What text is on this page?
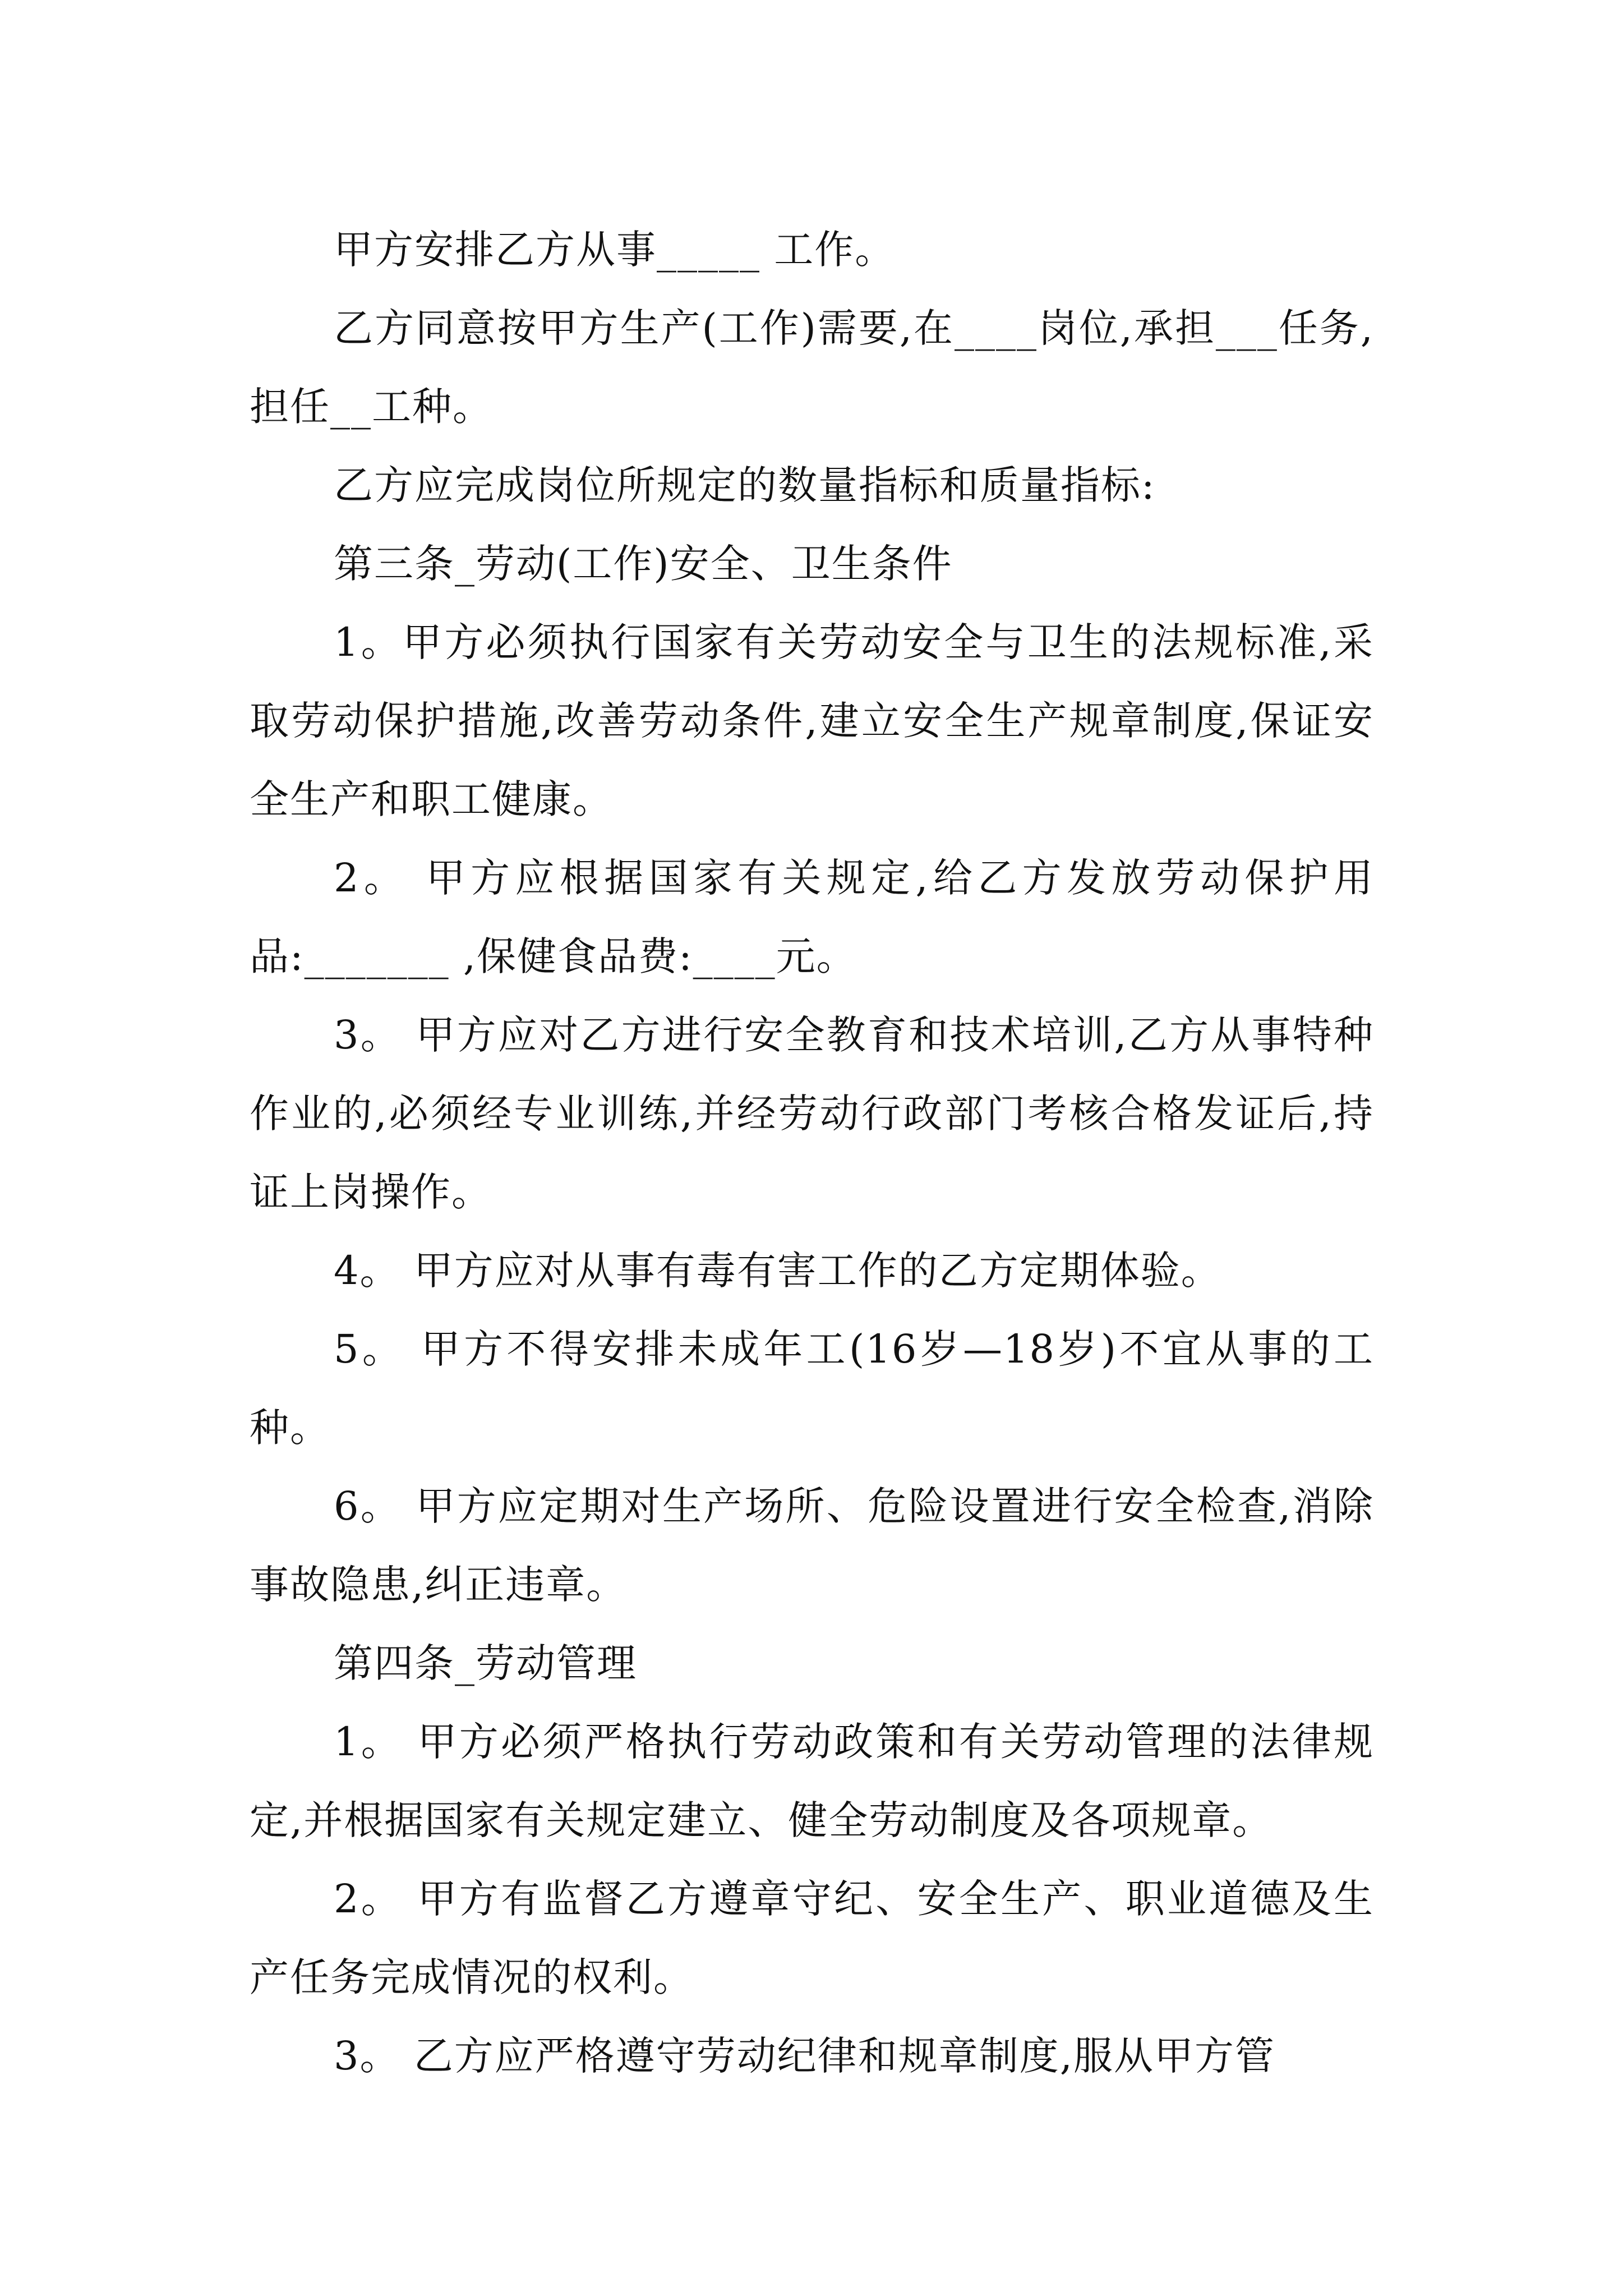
甲方安排乙方从事_____ 工作。

乙方同意按甲方生产(工作)需要,在____岗位,承担___任务,担任__工种。

乙方应完成岗位所规定的数量指标和质量指标:

第三条_劳动(工作)安全、卫生条件

1。甲方必须执行国家有关劳动安全与卫生的法规标准,采取劳动保护措施,改善劳动条件,建立安全生产规章制度,保证安全生产和职工健康。

2。 甲方应根据国家有关规定,给乙方发放劳动保护用品:_______ ,保健食品费:____元。

3。 甲方应对乙方进行安全教育和技术培训,乙方从事特种作业的,必须经专业训练,并经劳动行政部门考核合格发证后,持证上岗操作。

4。 甲方应对从事有毒有害工作的乙方定期体验。

5。 甲方不得安排未成年工(16岁—18岁)不宜从事的工种。

6。 甲方应定期对生产场所、危险设置进行安全检查,消除事故隐患,纠正违章。

第四条_劳动管理

1。 甲方必须严格执行劳动政策和有关劳动管理的法律规定,并根据国家有关规定建立、健全劳动制度及各项规章。

2。 甲方有监督乙方遵章守纪、安全生产、职业道德及生产任务完成情况的权利。

3。 乙方应严格遵守劳动纪律和规章制度,服从甲方管
